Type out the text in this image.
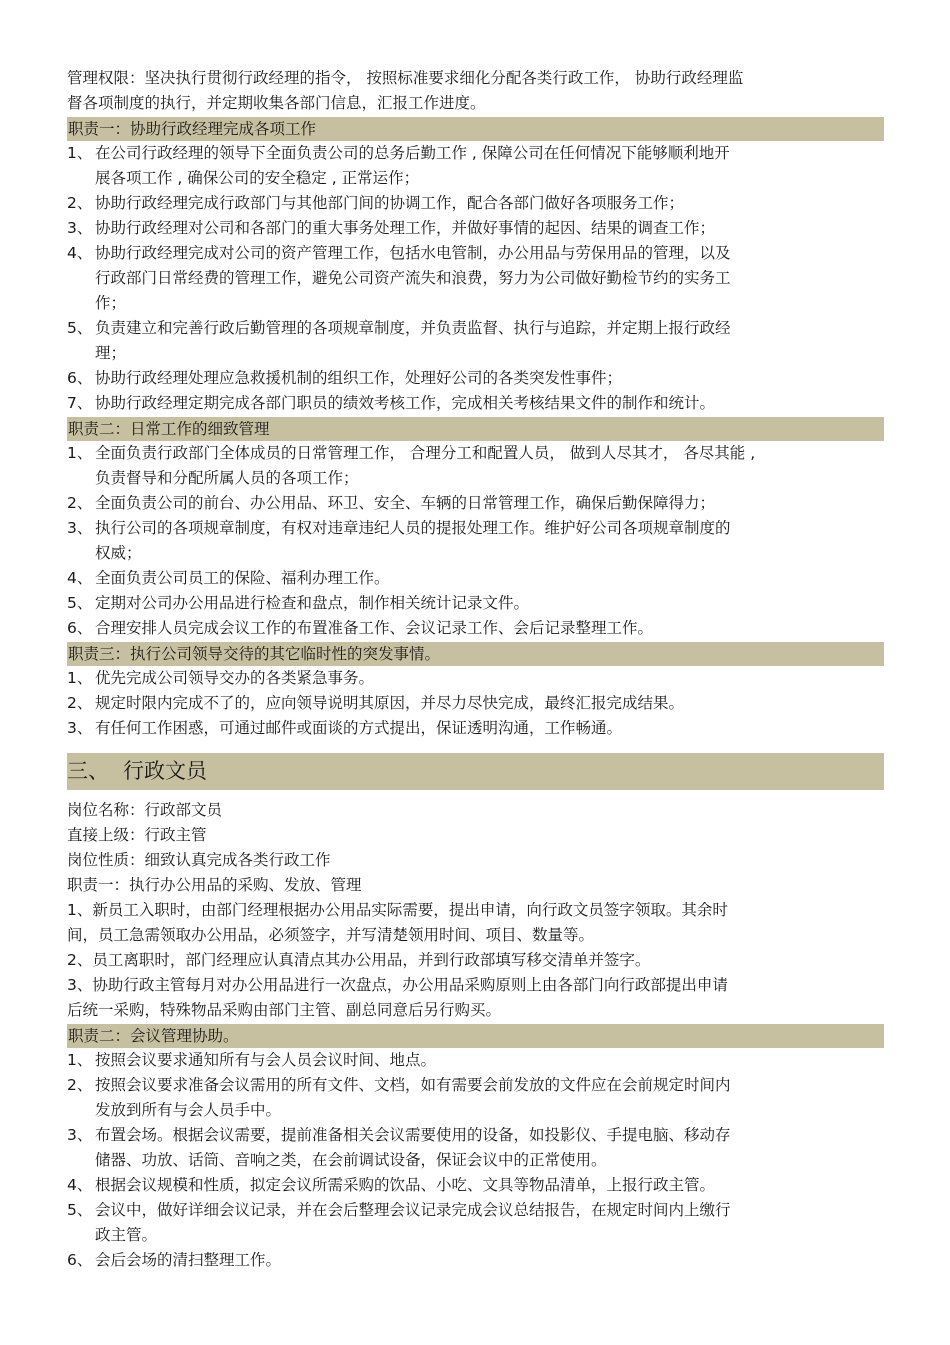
管理权限：坚决执行贯彻行政经理的指令， 按照标准要求细化分配各类行政工作， 协助行政经理监

督各项制度的执行，并定期收集各部门信息，汇报工作进度。

职责一：协助行政经理完成各项工作
1、 在公司行政经理的领导下全面负责公司的总务后勤工作 , 保障公司在任何情况下能够顺利地开
展各项工作 , 确保公司的安全稳定 , 正常运作；
2、 协助行政经理完成行政部门与其他部门间的协调工作，配合各部门做好各项服务工作；
3、 协助行政经理对公司和各部门的重大事务处理工作，并做好事情的起因、结果的调查工作；
4、 协助行政经理完成对公司的资产管理工作，包括水电管制，办公用品与劳保用品的管理，以及
行政部门日常经费的管理工作，避免公司资产流失和浪费，努力为公司做好勤检节约的实务工
作；
5、 负责建立和完善行政后勤管理的各项规章制度，并负责监督、执行与追踪，并定期上报行政经
理；
6、 协助行政经理处理应急救援机制的组织工作，处理好公司的各类突发性事件；
7、 协助行政经理定期完成各部门职员的绩效考核工作，完成相关考核结果文件的制作和统计。
职责二：日常工作的细致管理
1、 全面负责行政部门全体成员的日常管理工作， 合理分工和配置人员， 做到人尽其才， 各尽其能 ,
负责督导和分配所属人员的各项工作；
2、 全面负责公司的前台、办公用品、环卫、安全、车辆的日常管理工作，确保后勤保障得力；
3、 执行公司的各项规章制度，有权对违章违纪人员的提报处理工作。维护好公司各项规章制度的
权威；
4、 全面负责公司员工的保险、福利办理工作。
5、 定期对公司办公用品进行检查和盘点，制作相关统计记录文件。
6、 合理安排人员完成会议工作的布置准备工作、会议记录工作、会后记录整理工作。
职责三：执行公司领导交待的其它临时性的突发事情。
1、 优先完成公司领导交办的各类紧急事务。
2、 规定时限内完成不了的，应向领导说明其原因，并尽力尽快完成，最终汇报完成结果。
3、 有任何工作困惑，可通过邮件或面谈的方式提出，保证透明沟通，工作畅通。
三、 行政文员

岗位名称：行政部文员

直接上级：行政主管

岗位性质：细致认真完成各类行政工作

职责一：执行办公用品的采购、发放、管理

1、新员工入职时，由部门经理根据办公用品实际需要，提出申请，向行政文员签字领取。其余时

间，员工急需领取办公用品，必须签字，并写清楚领用时间、项目、数量等。

2、员工离职时，部门经理应认真清点其办公用品，并到行政部填写移交清单并签字。

3、协助行政主管每月对办公用品进行一次盘点，办公用品采购原则上由各部门向行政部提出申请

后统一采购，特殊物品采购由部门主管、副总同意后另行购买。

职责二：会议管理协助。
1、 按照会议要求通知所有与会人员会议时间、地点。
2、 按照会议要求准备会议需用的所有文件、文档，如有需要会前发放的文件应在会前规定时间内
发放到所有与会人员手中。
3、 布置会场。根据会议需要，提前准备相关会议需要使用的设备，如投影仪、手提电脑、移动存
储器、功放、话筒、音响之类，在会前调试设备，保证会议中的正常使用。
4、 根据会议规模和性质，拟定会议所需采购的饮品、小吃、文具等物品清单，上报行政主管。
5、 会议中，做好详细会议记录，并在会后整理会议记录完成会议总结报告，在规定时间内上缴行
政主管。
6、 会后会场的清扫整理工作。
